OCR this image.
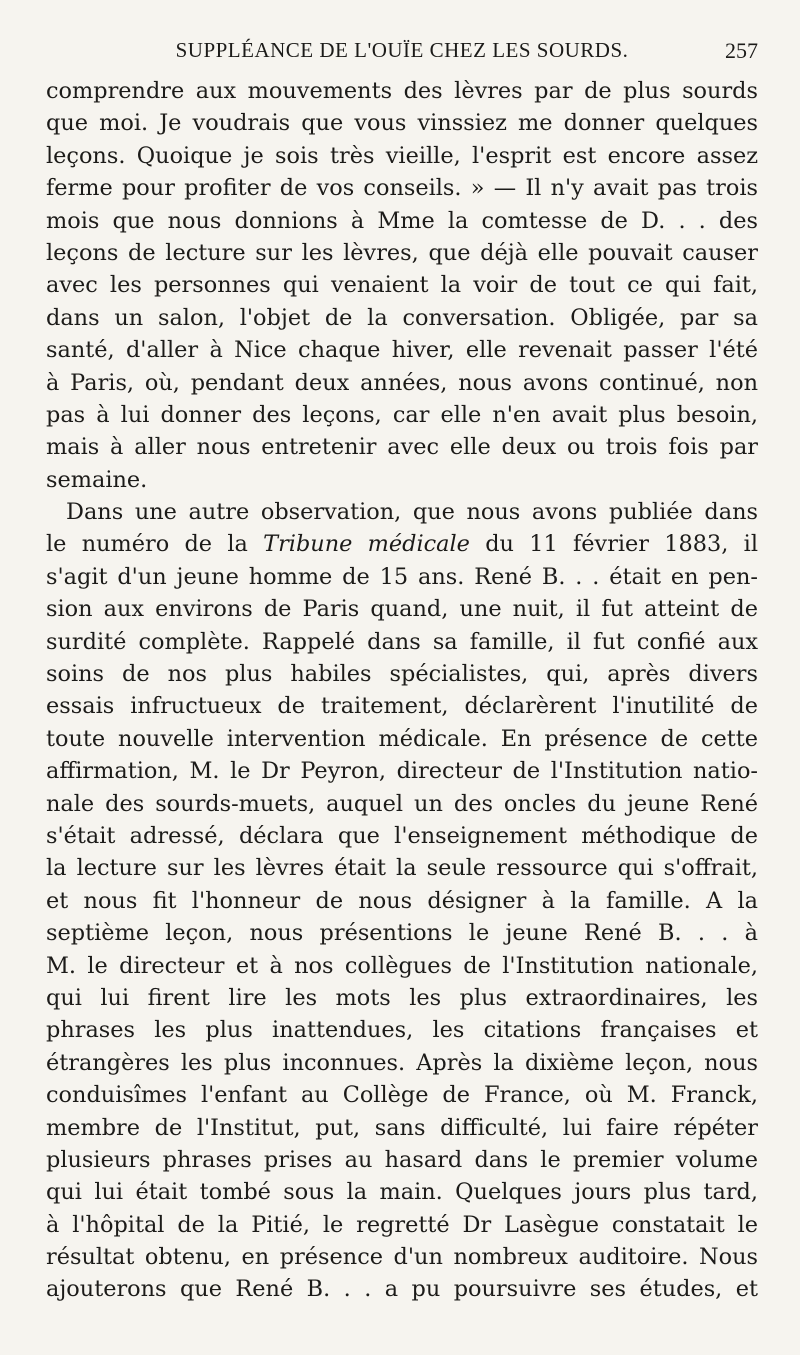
SUPPLÉANCE DE L'OUÏE CHEZ LES SOURDS.	257
comprendre aux mouvements des lèvres par de plus sourds
que moi. Je voudrais que vous vinssiez me donner quelques
leçons. Quoique je sois très vieille, l'esprit est encore assez
ferme pour profiter de vos conseils. » — Il n'y avait pas trois
mois que nous donnions à Mme la comtesse de D. . . des
leçons de lecture sur les lèvres, que déjà elle pouvait causer
avec les personnes qui venaient la voir de tout ce qui fait,
dans un salon, l'objet de la conversation. Obligée, par sa
santé, d'aller à Nice chaque hiver, elle revenait passer l'été
à Paris, où, pendant deux années, nous avons continué, non
pas à lui donner des leçons, car elle n'en avait plus besoin,
mais à aller nous entretenir avec elle deux ou trois fois par
semaine.
Dans une autre observation, que nous avons publiée dans
le numéro de la Tribune médicale du 11 février 1883, il
s'agit d'un jeune homme de 15 ans. René B. . . était en pen-
sion aux environs de Paris quand, une nuit, il fut atteint de
surdité complète. Rappelé dans sa famille, il fut confié aux
soins de nos plus habiles spécialistes, qui, après divers
essais infructueux de traitement, déclarèrent l'inutilité de
toute nouvelle intervention médicale. En présence de cette
affirmation, M. le Dr Peyron, directeur de l'Institution natio-
nale des sourds-muets, auquel un des oncles du jeune René
s'était adressé, déclara que l'enseignement méthodique de
la lecture sur les lèvres était la seule ressource qui s'offrait,
et nous fit l'honneur de nous désigner à la famille. A la
septième leçon, nous présentions le jeune René B. . . à
M. le directeur et à nos collègues de l'Institution nationale,
qui lui firent lire les mots les plus extraordinaires, les
phrases les plus inattendues, les citations françaises et
étrangères les plus inconnues. Après la dixième leçon, nous
conduisîmes l'enfant au Collège de France, où M. Franck,
membre de l'Institut, put, sans difficulté, lui faire répéter
plusieurs phrases prises au hasard dans le premier volume
qui lui était tombé sous la main. Quelques jours plus tard,
à l'hôpital de la Pitié, le regretté Dr Lasègue constatait le
résultat obtenu, en présence d'un nombreux auditoire. Nous
ajouterons que René B. . . a pu poursuivre ses études, et
